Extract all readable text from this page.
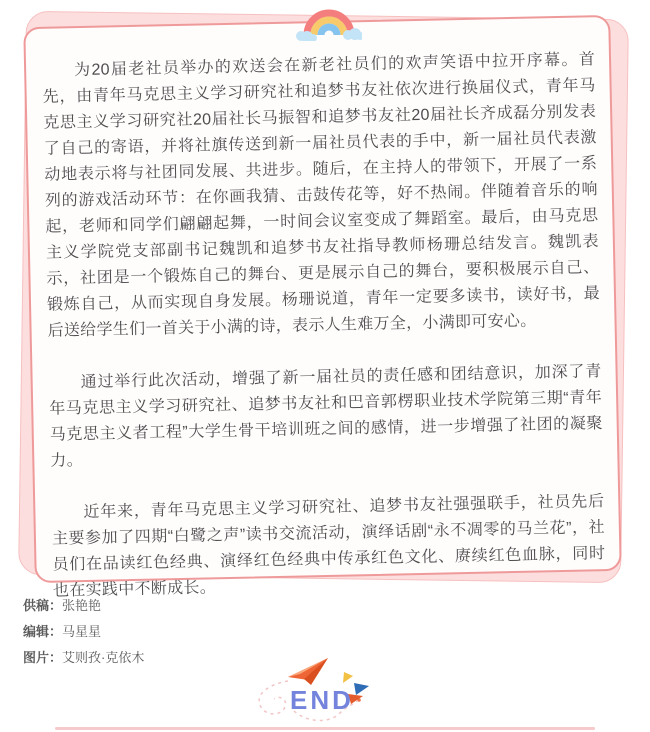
为20届老社员举办的欢送会在新老社员们的欢声笑语中拉开序幕。首先，由青年马克思主义学习研究社和追梦书友社依次进行换届仪式，青年马克思主义学习研究社20届社长马振智和追梦书友社20届社长齐成磊分别发表了自己的寄语，并将社旗传送到新一届社员代表的手中，新一届社员代表激动地表示将与社团同发展、共进步。随后，在主持人的带领下，开展了一系列的游戏活动环节：在你画我猜、击鼓传花等，好不热闹。伴随着音乐的响起，老师和同学们翩翩起舞，一时间会议室变成了舞蹈室。最后，由马克思主义学院党支部副书记魏凯和追梦书友社指导教师杨珊总结发言。魏凯表示，社团是一个锻炼自己的舞台、更是展示自己的舞台，要积极展示自己、锻炼自己，从而实现自身发展。杨珊说道，青年一定要多读书，读好书，最后送给学生们一首关于小满的诗，表示人生难万全，小满即可安心。

通过举行此次活动，增强了新一届社员的责任感和团结意识，加深了青年马克思主义学习研究社、追梦书友社和巴音郭楞职业技术学院第三期“青年马克思主义者工程”大学生骨干培训班之间的感情，进一步增强了社团的凝聚力。

近年来，青年马克思主义学习研究社、追梦书友社强强联手，社员先后主要参加了四期“白鹭之声”读书交流活动，演绎话剧“永不凋零的马兰花”，社员们在品读红色经典、演绎红色经典中传承红色文化、赓续红色血脉，同时也在实践中不断成长。

供稿：张艳艳
编辑：马星星
图片：艾则孜·克依木
END
